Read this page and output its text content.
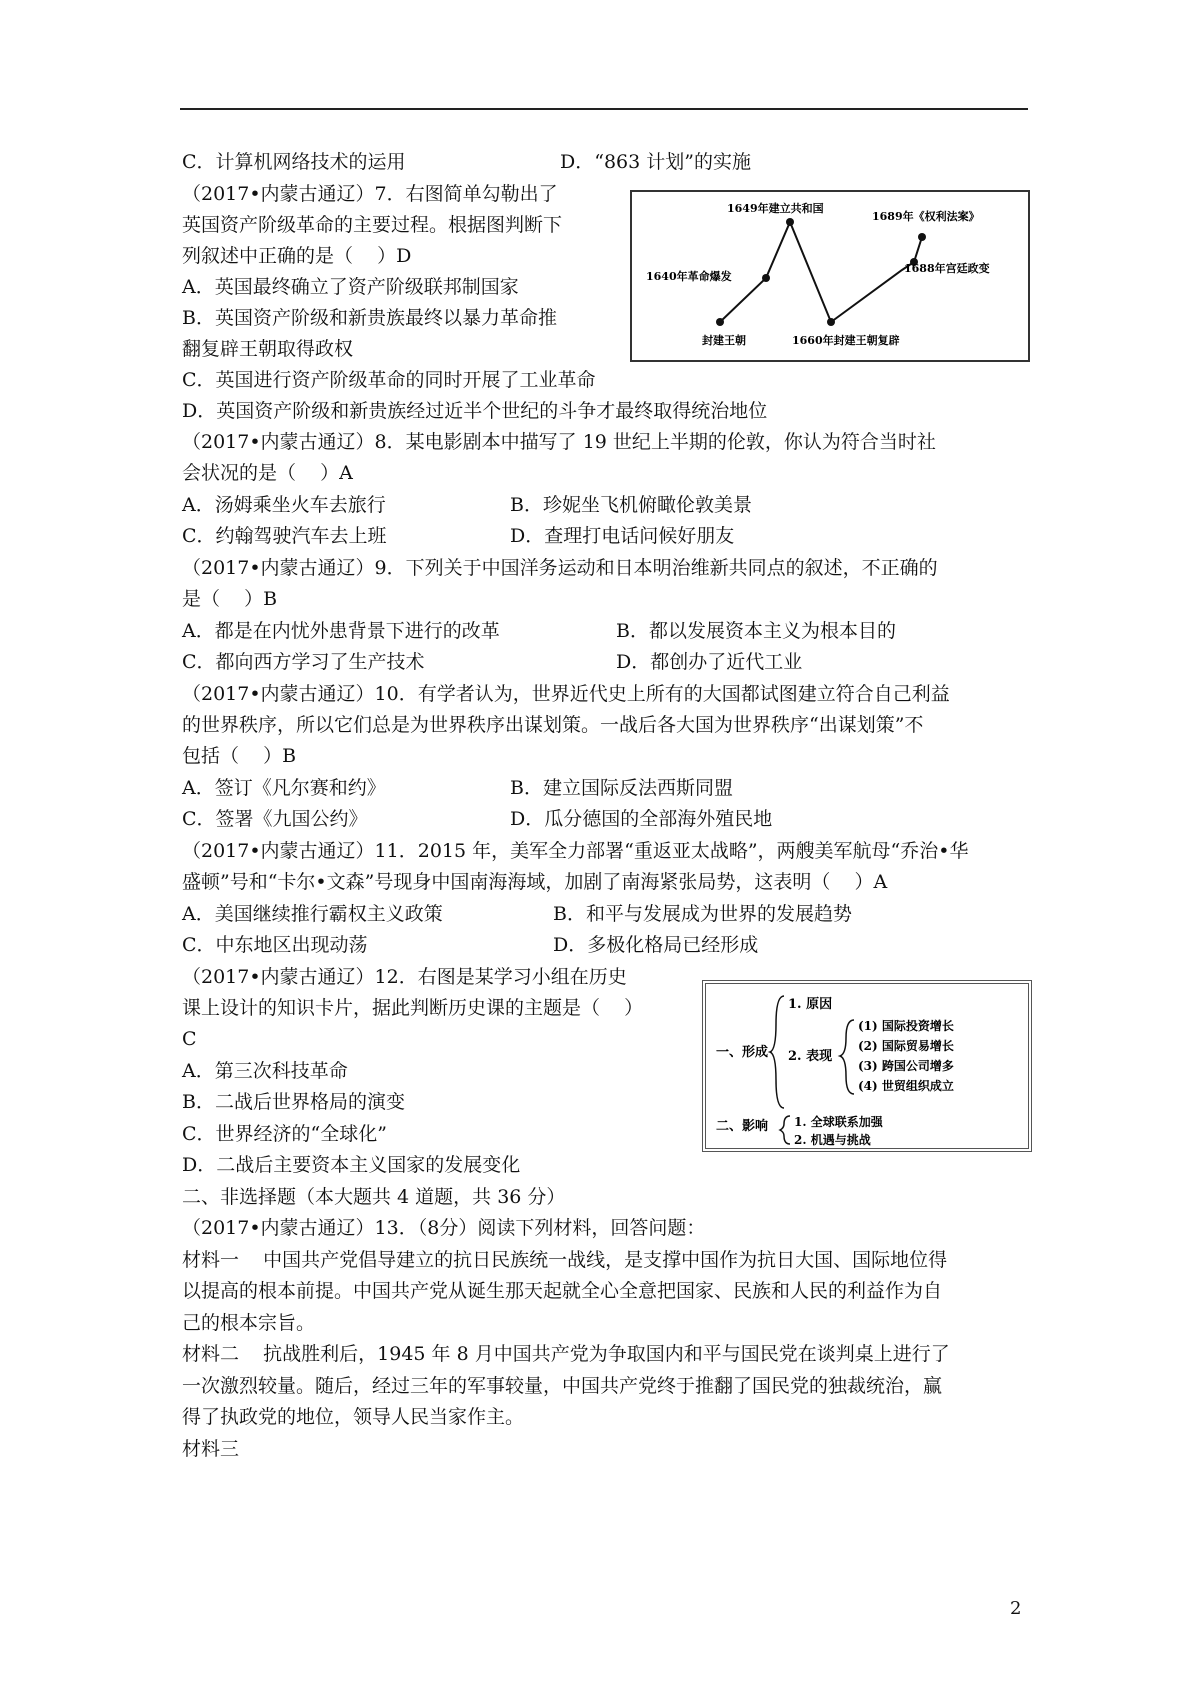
C．计算机网络技术的运用	D．“863 计划”的实施
（2017•内蒙古通辽）7．右图简单勾勒出了
英国资产阶级革命的主要过程。根据图判断下
列叙述中正确的是（    ）D
A．英国最终确立了资产阶级联邦制国家
B．英国资产阶级和新贵族最终以暴力革命推
翻复辟王朝取得政权
C．英国进行资产阶级革命的同时开展了工业革命
D．英国资产阶级和新贵族经过近半个世纪的斗争才最终取得统治地位
（2017•内蒙古通辽）8．某电影剧本中描写了 19 世纪上半期的伦敦，你认为符合当时社
会状况的是（    ）A
A．汤姆乘坐火车去旅行	B．珍妮坐飞机俯瞰伦敦美景
C．约翰驾驶汽车去上班	D．查理打电话问候好朋友
（2017•内蒙古通辽）9．下列关于中国洋务运动和日本明治维新共同点的叙述，不正确的
是（    ）B
A．都是在内忧外患背景下进行的改革	B．都以发展资本主义为根本目的
C．都向西方学习了生产技术	D．都创办了近代工业
（2017•内蒙古通辽）10．有学者认为，世界近代史上所有的大国都试图建立符合自己利益
的世界秩序，所以它们总是为世界秩序出谋划策。一战后各大国为世界秩序“出谋划策”不
包括（    ）B
A．签订《凡尔赛和约》	B．建立国际反法西斯同盟
C．签署《九国公约》	D．瓜分德国的全部海外殖民地
（2017•内蒙古通辽）11．2015 年，美军全力部署“重返亚太战略”，两艘美军航母“乔治•华
盛顿”号和“卡尔•文森”号现身中国南海海域，加剧了南海紧张局势，这表明（    ）A
A．美国继续推行霸权主义政策	B．和平与发展成为世界的发展趋势
C．中东地区出现动荡	D．多极化格局已经形成
（2017•内蒙古通辽）12．右图是某学习小组在历史
课上设计的知识卡片，据此判断历史课的主题是（    ）
C
A．第三次科技革命
B．二战后世界格局的演变
C．世界经济的“全球化”
D．二战后主要资本主义国家的发展变化
二、非选择题（本大题共 4 道题，共 36 分）
（2017•内蒙古通辽）13．（8分）阅读下列材料，回答问题：
材料一    中国共产党倡导建立的抗日民族统一战线，是支撑中国作为抗日大国、国际地位得
以提高的根本前提。中国共产党从诞生那天起就全心全意把国家、民族和人民的利益作为自
己的根本宗旨。
材料二    抗战胜利后，1945 年 8 月中国共产党为争取国内和平与国民党在谈判桌上进行了
一次激烈较量。随后，经过三年的军事较量，中国共产党终于推翻了国民党的独裁统治，赢
得了执政党的地位，领导人民当家作主。
材料三
封建王朝
1640年革命爆发
1649年建立共和国
1660年封建王朝复辟
1688年宫廷政变
1689年《权利法案》
一、形成
1. 原因
2. 表现
(1) 国际投资增长
(2) 国际贸易增长
(3) 跨国公司增多
(4) 世贸组织成立
二、影响 1. 全球联系加强
2. 机遇与挑战
2
